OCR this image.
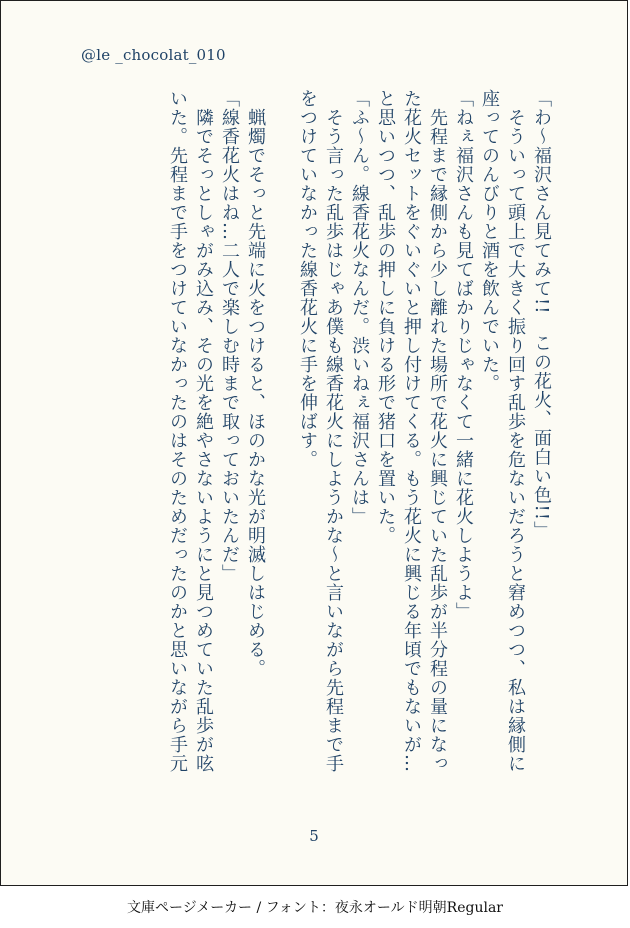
@le _chocolat_010
「わ〜福沢さん見てみて!!　この花火、面白い色!!」
　そういって頭上で大きく振り回す乱歩を危ないだろうと窘めつつ、私は縁側に
座ってのんびりと酒を飲んでいた。
「ねぇ福沢さんも見てばかりじゃなくて一緒に花火しようよ」
　先程まで縁側から少し離れた場所で花火に興じていた乱歩が半分程の量になっ
た花火セットをぐいぐいと押し付けてくる。もう花火に興じる年頃でもないが…
と思いつつ、乱歩の押しに負ける形で猪口を置いた。
「ふ〜ん。線香花火なんだ。渋いねぇ福沢さんは」
　そう言った乱歩はじゃあ僕も線香花火にしようかな〜と言いながら先程まで手
をつけていなかった線香花火に手を伸ばす。

　蝋燭でそっと先端に火をつけると、ほのかな光が明滅しはじめる。
「線香花火はね…二人で楽しむ時まで取っておいたんだ」
　隣でそっとしゃがみ込み、その光を絶やさないようにと見つめていた乱歩が呟
いた。先程まで手をつけていなかったのはそのためだったのかと思いながら手元
5
文庫ページメーカー / フォント：夜永オールド明朝Regular
